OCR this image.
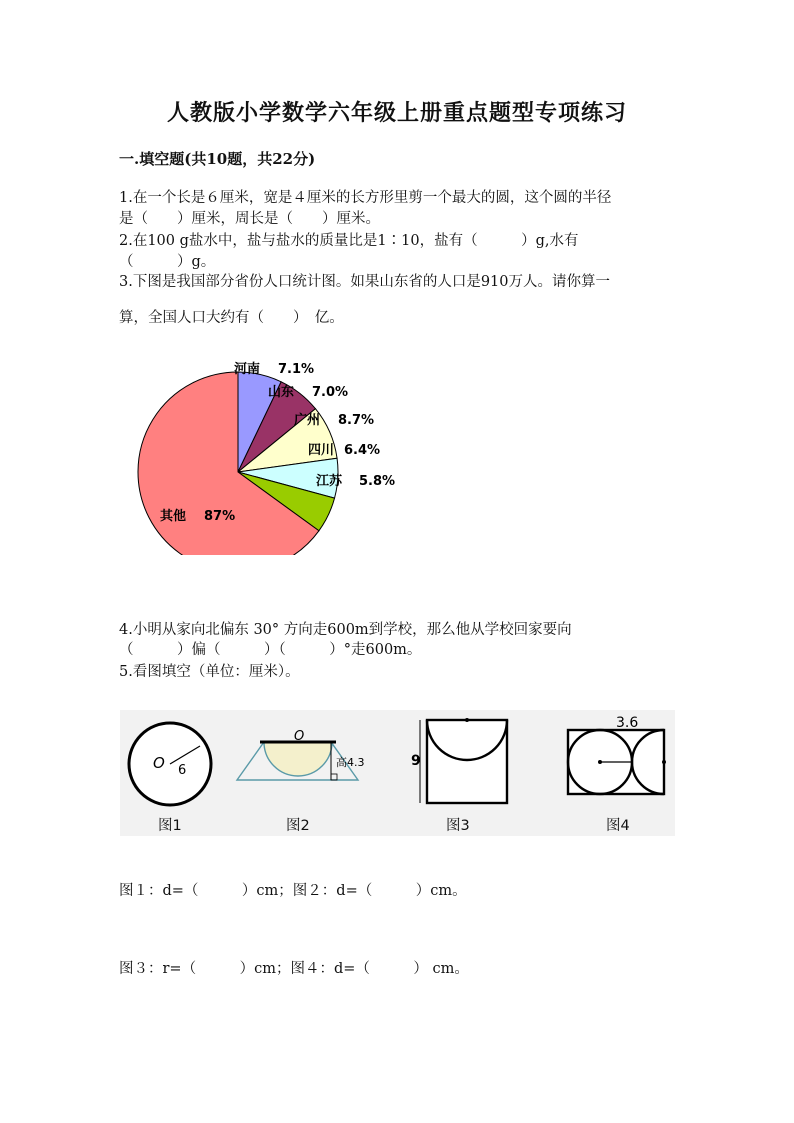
人教版小学数学六年级上册重点题型专项练习
一.填空题(共10题，共22分)
1.在一个长是６厘米，宽是４厘米的长方形里剪一个最大的圆，这个圆的半径
是（　　）厘米，周长是（　　）厘米。
2.在100 g盐水中，盐与盐水的质量比是1∶10，盐有（　　　）g,水有
（　　　）g。
3.下图是我国部分省份人口统计图。如果山东省的人口是910万人。请你算一
算，全国人口大约有（　　）　亿。
河南 7.1%
山东 7.0%
广州 8.7%
四川 6.4%
江苏 5.8%
其他 87%
4.小明从家向北偏东 30° 方向走600m到学校，那么他从学校回家要向
（　　　）偏（　　　）（　　　）°走600m。
5.看图填空（单位：厘米）。
O 6
O
高4.3	9
3.6
图1	图2	图3	图4
图１：d=（　　　）cm；图２：d=（　　　）cm。
图３：r=（　　　）cm；图４：d=（　　　） cm。
